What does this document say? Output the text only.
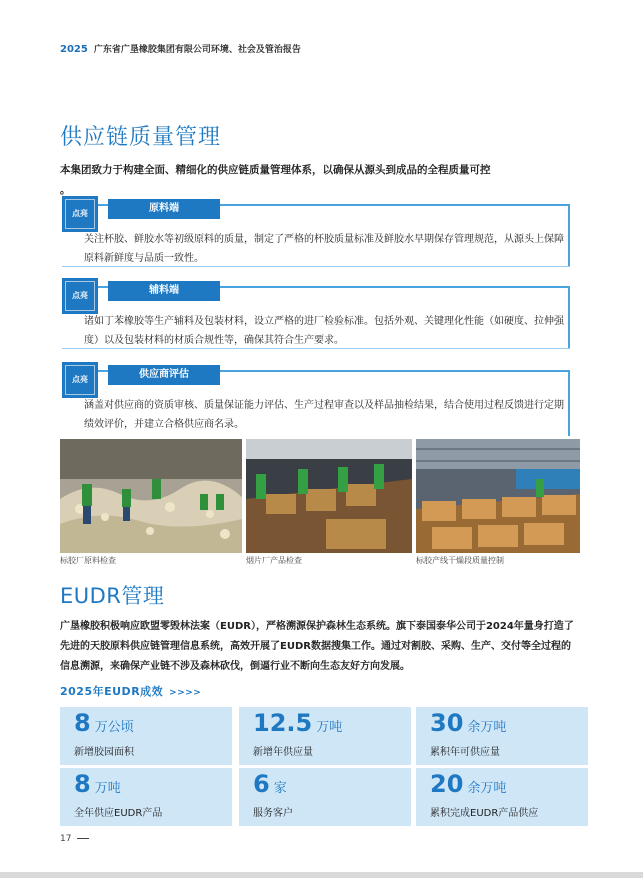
2025 广东省广垦橡胶集团有限公司环境、社会及管治报告
供应链质量管理
本集团致力于构建全面、精细化的供应链质量管理体系，以确保从源头到成品的全程质量可控
。
点亮	原料端
关注杯胶、鲜胶水等初级原料的质量，制定了严格的杯胶质量标准及鲜胶水早期保存管理规范，从源头上保障原料新鲜度与品质一致性。
点亮	辅料端
诸如丁苯橡胶等生产辅料及包装材料，设立严格的进厂检验标准。包括外观、关键理化性能（如硬度、拉伸强度）以及包装材料的材质合规性等，确保其符合生产要求。
点亮	供应商评估
涵盖对供应商的资质审核、质量保证能力评估、生产过程审查以及样品抽检结果，结合使用过程反馈进行定期绩效评价，并建立合格供应商名录。
标胶厂原料检查	烟片厂产品检查	标胶产线干燥段质量控制
EUDR管理
广垦橡胶积极响应欧盟零毁林法案（EUDR），严格溯源保护森林生态系统。旗下泰国泰华公司于2024年量身打造了先进的天胶原料供应链管理信息系统，高效开展了EUDR数据搜集工作。通过对割胶、采购、生产、交付等全过程的信息溯源，来确保产业链不涉及森林砍伐，倒逼行业不断向生态友好方向发展。
2025年EUDR成效 >>>>
8 万公顷
新增胶园面积
12.5 万吨
新增年供应量
30 余万吨
累积年可供应量
8 万吨
全年供应EUDR产品
6 家
服务客户
20 余万吨
累积完成EUDR产品供应
17
